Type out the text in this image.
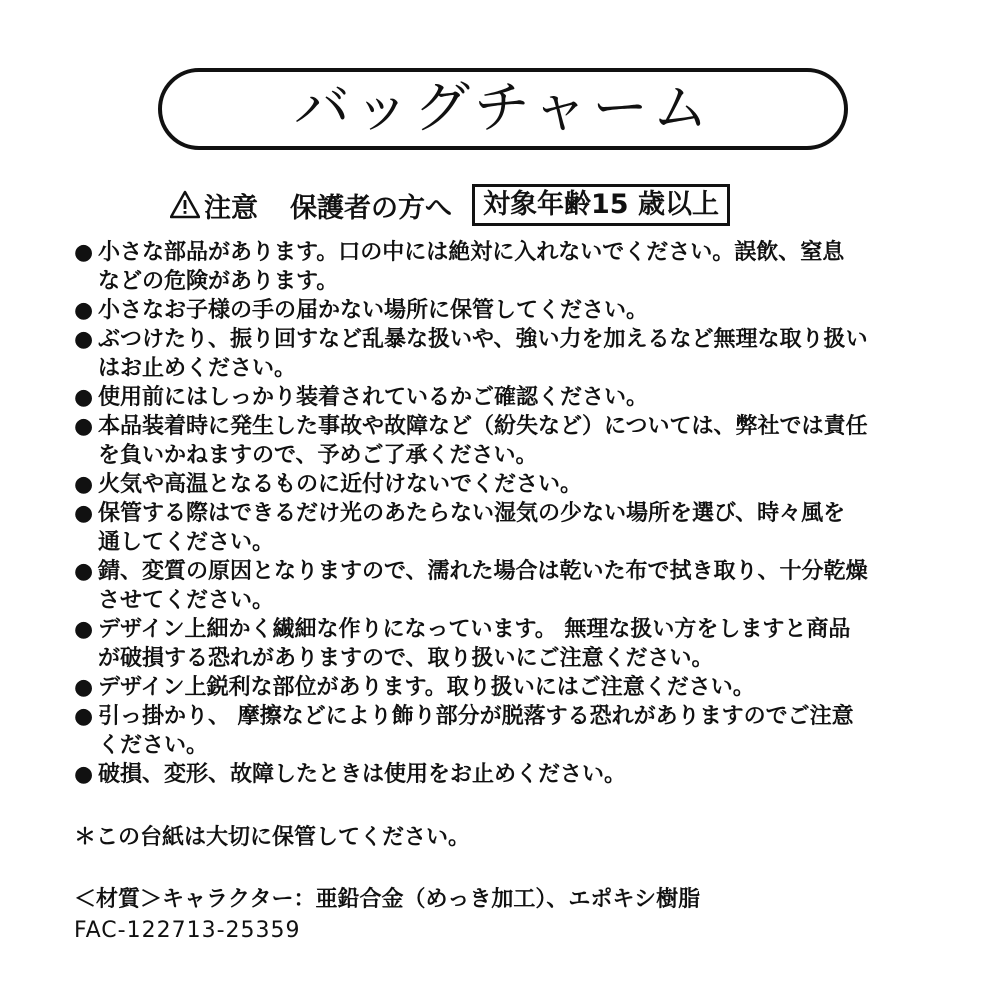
バッグチャーム
注意 保護者の方へ	対象年齢15 歳以上
● 小さな部品があります。口の中には絶対に入れないでください。誤飲、窒息
などの危険があります。
● 小さなお子様の手の届かない場所に保管してください。
● ぶつけたり、振り回すなど乱暴な扱いや、強い力を加えるなど無理な取り扱い
はお止めください。
● 使用前にはしっかり装着されているかご確認ください。
● 本品装着時に発生した事故や故障など（紛失など）については、弊社では責任
を負いかねますので、予めご了承ください。
● 火気や高温となるものに近付けないでください。
● 保管する際はできるだけ光のあたらない湿気の少ない場所を選び、時々風を
通してください。
● 錆、変質の原因となりますので、濡れた場合は乾いた布で拭き取り、十分乾燥
させてください。
● デザイン上細かく繊細な作りになっています。 無理な扱い方をしますと商品
が破損する恐れがありますので、取り扱いにご注意ください。
● デザイン上鋭利な部位があります。取り扱いにはご注意ください。
● 引っ掛かり、 摩擦などにより飾り部分が脱落する恐れがありますのでご注意
ください。
● 破損、変形、故障したときは使用をお止めください。
＊この台紙は大切に保管してください。
＜材質＞キャラクター：亜鉛合金（めっき加工）、エポキシ樹脂
FAC-122713-25359
